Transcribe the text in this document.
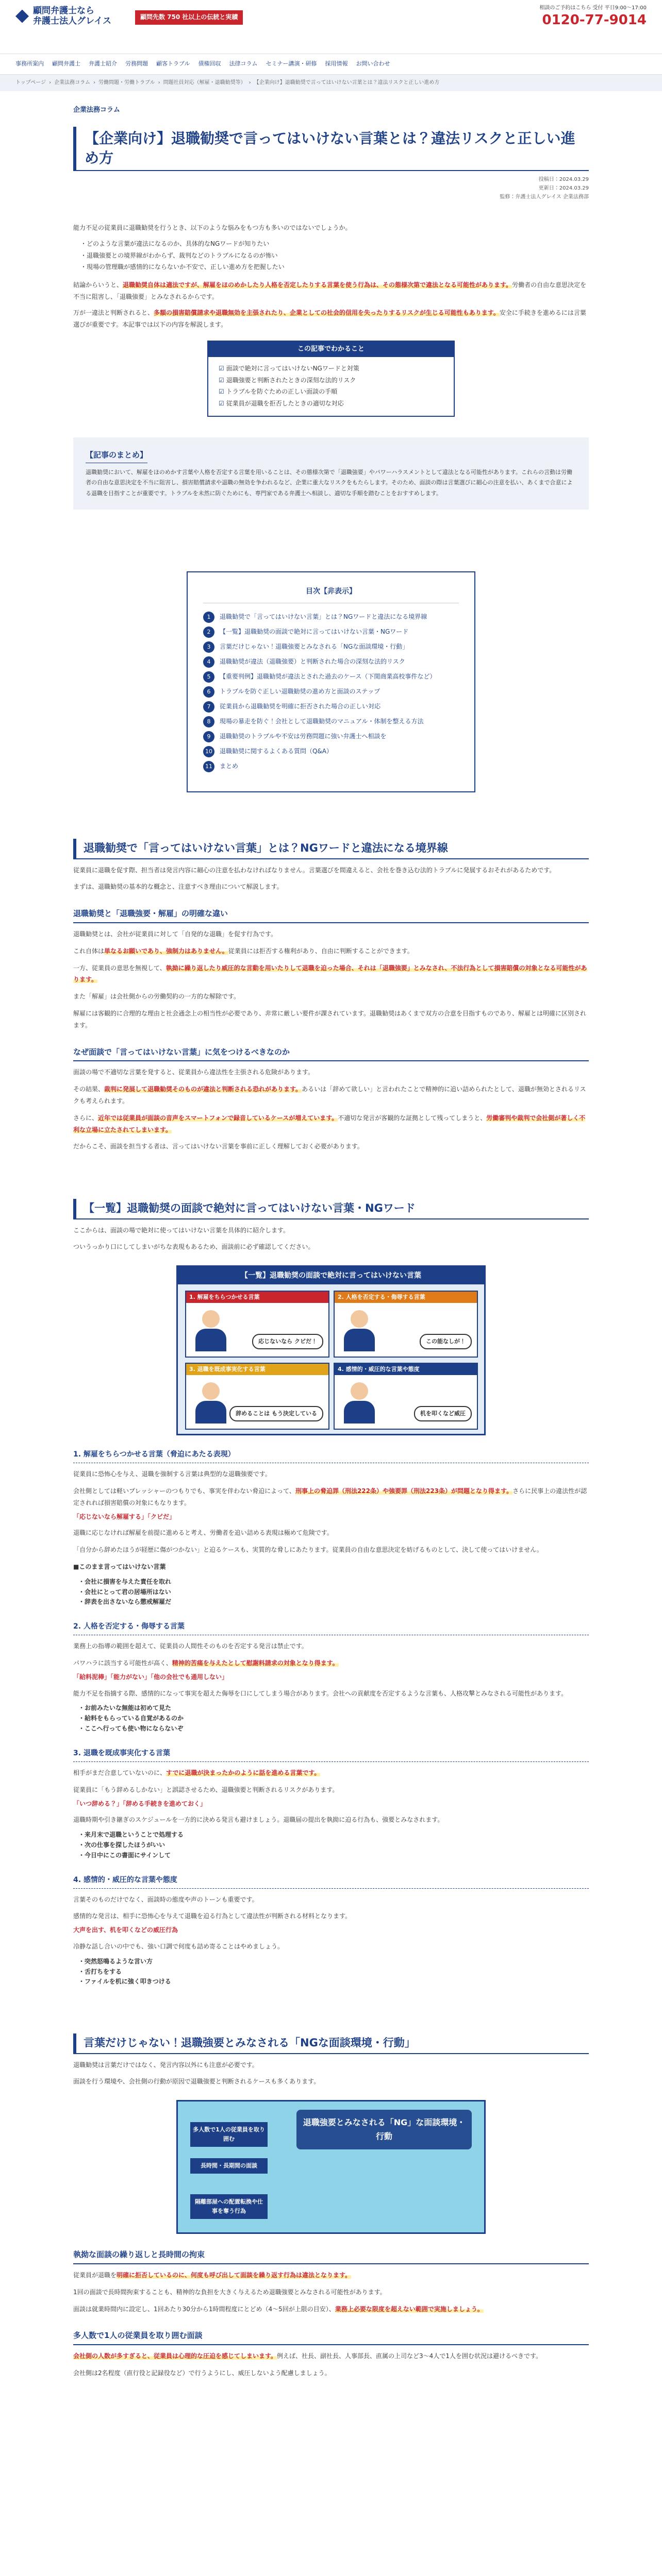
顧問弁護士なら
弁護士法人グレイス	顧問先数 750 社以上の伝統と実績
相談のご予約はこちら 受付 平日9:00〜17:00
0120-77-9014
事務所案内 顧問弁護士 弁護士紹介 労務問題 顧客トラブル 債権回収 法律コラム セミナー講演・研修 採用情報 お問い合わせ
トップページ › 企業法務コラム › 労働問題・労働トラブル › 問題社員対応（解雇・退職勧奨等） › 【企業向け】退職勧奨で言ってはいけない言葉とは？違法リスクと正しい進め方
企業法務コラム
【企業向け】退職勧奨で言ってはいけない言葉とは？違法リスクと正しい進め方
投稿日：2024.03.29
更新日：2024.03.29
監修：弁護士法人グレイス 企業法務部

能力不足の従業員に退職勧奨を行うとき、以下のような悩みをもつ方も多いのではないでしょうか。

・ どのような言葉が違法になるのか、具体的なNGワードが知りたい
・ 退職強要との境界線がわからず、裁判などのトラブルになるのが怖い
・ 現場の管理職が感情的にならないか不安で、正しい進め方を把握したい

結論からいうと、退職勧奨自体は適法ですが、解雇をほのめかしたり人格を否定したりする言葉を使う行為は、その態様次第で違法となる可能性があります。労働者の自由な意思決定を不当に阻害し、「退職強要」とみなされるからです。

万が一違法と判断されると、多額の損害賠償請求や退職無効を主張されたり、企業としての社会的信用を失ったりするリスクが生じる可能性もあります。安全に手続きを進めるには言葉選びが重要です。本記事では以下の内容を解説します。

この記事でわかること
☑ 面談で絶対に言ってはいけないNGワードと対策
☑ 退職強要と判断されたときの深刻な法的リスク
☑ トラブルを防ぐための正しい面談の手順
☑ 従業員が退職を拒否したときの適切な対応
【記事のまとめ】

退職勧奨において、解雇をほのめかす言葉や人格を否定する言葉を用いることは、その態様次第で「退職強要」やパワーハラスメントとして違法となる可能性があります。これらの言動は労働者の自由な意思決定を不当に阻害し、損害賠償請求や退職の無効を争われるなど、企業に重大なリスクをもたらします。そのため、面談の際は言葉選びに細心の注意を払い、あくまで合意による退職を目指すことが重要です。トラブルを未然に防ぐためにも、専門家である弁護士へ相談し、適切な手順を踏むことをおすすめします。

目次【非表示】
1	退職勧奨で「言ってはいけない言葉」とは？NGワードと違法になる境界線
2	【一覧】退職勧奨の面談で絶対に言ってはいけない言葉・NGワード
3	言葉だけじゃない！退職強要とみなされる「NGな面談環境・行動」
4	退職勧奨が違法（退職強要）と判断された場合の深刻な法的リスク
5	【重要判例】退職勧奨が違法とされた過去のケース（下関商業高校事件など）
6	トラブルを防ぐ正しい退職勧奨の進め方と面談のステップ
7	従業員から退職勧奨を明確に拒否された場合の正しい対応
8	現場の暴走を防ぐ！会社として退職勧奨のマニュアル・体制を整える方法
9	退職勧奨のトラブルや不安は労務問題に強い弁護士へ相談を
10	退職勧奨に関するよくある質問（Q&A）
11	まとめ
退職勧奨で「言ってはいけない言葉」とは？NGワードと違法になる境界線

従業員に退職を促す際、担当者は発言内容に細心の注意を払わなければなりません。言葉選びを間違えると、会社を巻き込む法的トラブルに発展するおそれがあるためです。

まずは、退職勧奨の基本的な概念と、注意すべき理由について解説します。

退職勧奨と「退職強要・解雇」の明確な違い

退職勧奨とは、会社が従業員に対して「自発的な退職」を促す行為です。

これ自体は単なるお願いであり、強制力はありません。従業員には拒否する権利があり、自由に判断することができます。

一方、従業員の意思を無視して、執拗に繰り返したり威圧的な言動を用いたりして退職を迫った場合、それは「退職強要」とみなされ、不法行為として損害賠償の対象となる可能性があります。

また「解雇」は会社側からの労働契約の一方的な解除です。

解雇には客観的に合理的な理由と社会通念上の相当性が必要であり、非常に厳しい要件が課されています。退職勧奨はあくまで双方の合意を目指すものであり、解雇とは明確に区別されます。

なぜ面談で「言ってはいけない言葉」に気をつけるべきなのか

面談の場で不適切な言葉を発すると、従業員から違法性を主張される危険があります。

その結果、裁判に発展して退職勧奨そのものが違法と判断される恐れがあります。あるいは「辞めて欲しい」と言われたことで精神的に追い詰められたとして、退職が無効とされるリスクも考えられます。

さらに、近年では従業員が面談の音声をスマートフォンで録音しているケースが増えています。不適切な発言が客観的な証拠として残ってしまうと、労働審判や裁判で会社側が著しく不利な立場に立たされてしまいます。

だからこそ、面談を担当する者は、言ってはいけない言葉を事前に正しく理解しておく必要があります。

【一覧】退職勧奨の面談で絶対に言ってはいけない言葉・NGワード

ここからは、面談の場で絶対に使ってはいけない言葉を具体的に紹介します。

ついうっかり口にしてしまいがちな表現もあるため、面談前に必ず確認してください。

【一覧】退職勧奨の面談で絶対に言ってはいけない言葉
1. 解雇をちらつかせる言葉
応じないなら クビだ！
2. 人格を否定する・侮辱する言葉
この能なしが！
3. 退職を既成事実化する言葉
辞めることは もう決定している
4. 感情的・威圧的な言葉や態度
机を叩くなど威圧
1. 解雇をちらつかせる言葉（脅迫にあたる表現）

従業員に恐怖心を与え、退職を強制する言葉は典型的な退職強要です。

会社側としては軽いプレッシャーのつもりでも、事実を伴わない脅迫によって、刑事上の脅迫罪（刑法222条）や強要罪（刑法223条）が問題となり得ます。さらに民事上の違法性が認定されれば損害賠償の対象にもなります。

「応じないなら解雇する」「クビだ」

退職に応じなければ解雇を前提に進めると考え、労働者を追い詰める表現は極めて危険です。

「自分から辞めたほうが経歴に傷がつかない」と迫るケースも、実質的な脅しにあたります。従業員の自由な意思決定を妨げるものとして、決して使ってはいけません。

■このまま言ってはいけない言葉

・ 会社に損害を与えた責任を取れ
・ 会社にとって君の居場所はない
・ 辞表を出さないなら懲戒解雇だ
2. 人格を否定する・侮辱する言葉

業務上の指導の範囲を超えて、従業員の人間性そのものを否定する発言は禁止です。

パワハラに該当する可能性が高く、精神的苦痛を与えたとして慰謝料請求の対象となり得ます。

「給料泥棒」「能力がない」「他の会社でも通用しない」

能力不足を指摘する際、感情的になって事実を超えた侮辱を口にしてしまう場合があります。会社への貢献度を否定するような言葉も、人格攻撃とみなされる可能性があります。

・ お前みたいな無能は初めて見た
・ 給料をもらっている自覚があるのか
・ ここへ行っても使い物にならないぞ
3. 退職を既成事実化する言葉

相手がまだ合意していないのに、すでに退職が決まったかのように話を進める言葉です。

従業員に「もう辞めるしかない」と誤認させるため、退職強要と判断されるリスクがあります。

「いつ辞める？」「辞める手続きを進めておく」

退職時期や引き継ぎのスケジュールを一方的に決める発言も避けましょう。退職届の提出を執拗に迫る行為も、強要とみなされます。

・ 来月末で退職ということで処理する
・ 次の仕事を探したほうがいい
・ 今日中にこの書面にサインして
4. 感情的・威圧的な言葉や態度

言葉そのものだけでなく、面談時の態度や声のトーンも重要です。

感情的な発言は、相手に恐怖心を与えて退職を迫る行為として違法性が判断される材料となります。

大声を出す、机を叩くなどの威圧行為

冷静な話し合いの中でも、強い口調で何度も詰め寄ることはやめましょう。

・ 突然怒鳴るような言い方
・ 舌打ちをする
・ ファイルを机に強く叩きつける
言葉だけじゃない！退職強要とみなされる「NGな面談環境・行動」

退職勧奨は言葉だけではなく、発言内容以外にも注意が必要です。

面談を行う環境や、会社側の行動が原因で退職強要と判断されるケースも多くあります。

退職強要とみなされる「NG」な面談環境・行動
多人数で1人の従業員を取り囲む
長時間・長期間の面談
隔離部屋への配置転換や仕事を奪う行為
執拗な面談の繰り返しと長時間の拘束

従業員が退職を明確に拒否しているのに、何度も呼び出して面談を繰り返す行為は違法となります。

1回の面談で長時間拘束することも、精神的な負担を大きく与えるため退職強要とみなされる可能性があります。

面談は就業時間内に設定し、1回あたり30分から1時間程度にとどめ（4〜5回が上限の目安）、業務上必要な限度を超えない範囲で実施しましょう。

多人数で1人の従業員を取り囲む面談

会社側の人数が多すぎると、従業員は心理的な圧迫を感じてしまいます。例えば、社長、副社長、人事部長、直属の上司など3〜4人で1人を囲む状況は避けるべきです。

会社側は2名程度（直行役と記録役など）で行うようにし、威圧しないよう配慮しましょう。
